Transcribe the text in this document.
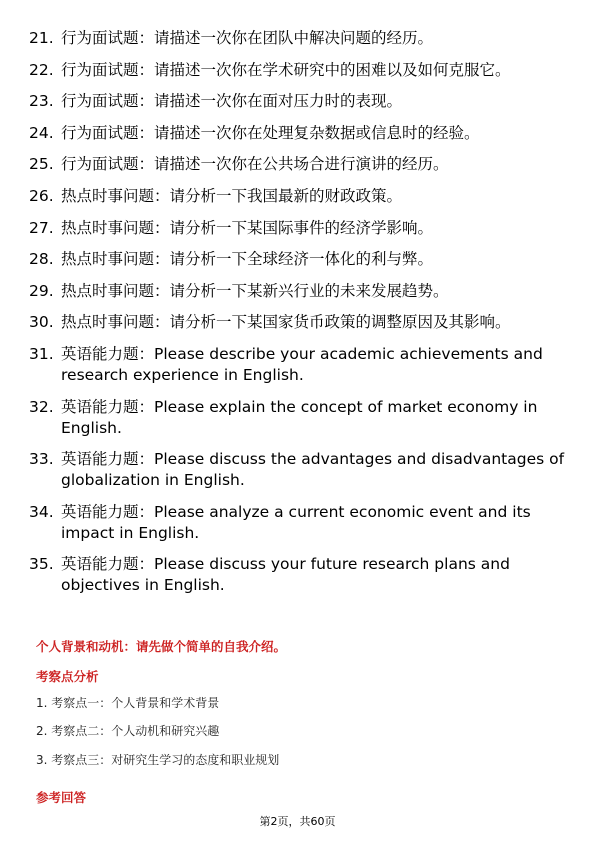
21. 行为面试题：请描述一次你在团队中解决问题的经历。
22. 行为面试题：请描述一次你在学术研究中的困难以及如何克服它。
23. 行为面试题：请描述一次你在面对压力时的表现。
24. 行为面试题：请描述一次你在处理复杂数据或信息时的经验。
25. 行为面试题：请描述一次你在公共场合进行演讲的经历。
26. 热点时事问题：请分析一下我国最新的财政政策。
27. 热点时事问题：请分析一下某国际事件的经济学影响。
28. 热点时事问题：请分析一下全球经济一体化的利与弊。
29. 热点时事问题：请分析一下某新兴行业的未来发展趋势。
30. 热点时事问题：请分析一下某国家货币政策的调整原因及其影响。
31. 英语能力题：Please describe your academic achievements and research experience in English.
32. 英语能力题：Please explain the concept of market economy in English.
33. 英语能力题：Please discuss the advantages and disadvantages of globalization in English.
34. 英语能力题：Please analyze a current economic event and its impact in English.
35. 英语能力题：Please discuss your future research plans and objectives in English.

个人背景和动机：请先做个简单的自我介绍。

考察点分析

1. 考察点一：个人背景和学术背景
2. 考察点二：个人动机和研究兴趣
3. 考察点三：对研究生学习的态度和职业规划

参考回答

第2页，共60页
